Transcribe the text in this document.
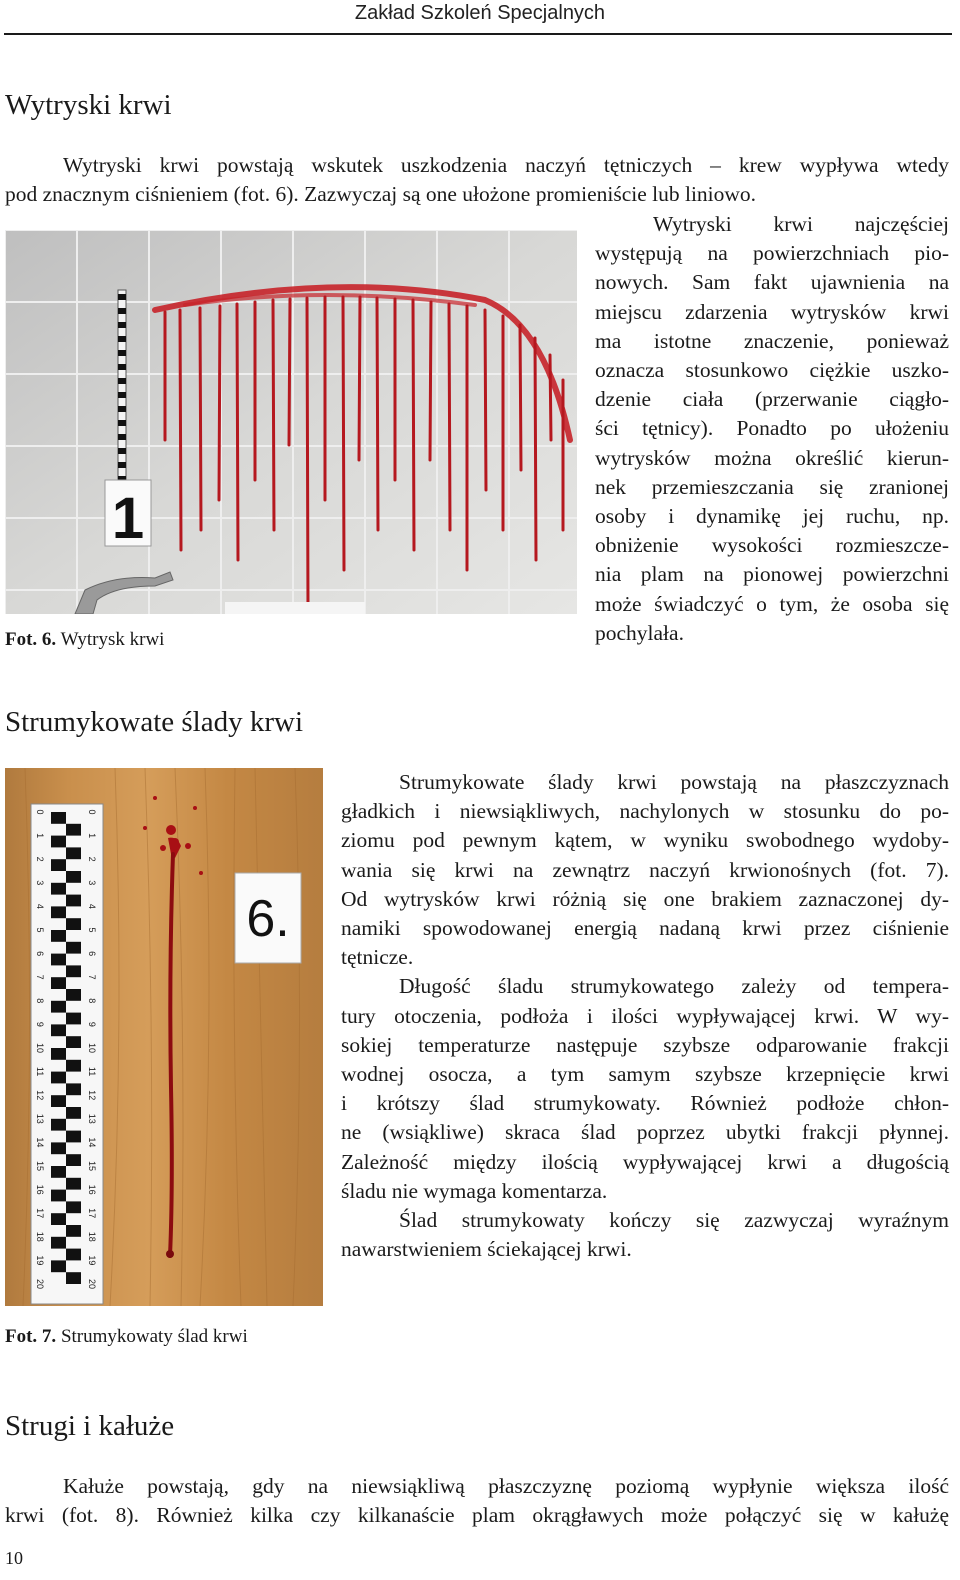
Zakład Szkoleń Specjalnych
Wytryski krwi
Wytryski krwi powstają wskutek uszkodzenia naczyń tętniczych – krew wypływa wtedy
pod znacznym ciśnieniem (fot. 6). Zazwyczaj są one ułożone promieniście lub liniowo.
1
Fot. 6. Wytrysk krwi
Wytryski krwi najczęściej
występują na powierzchniach pio-
nowych. Sam fakt ujawnienia na
miejscu zdarzenia wytrysków krwi
ma istotne znaczenie, ponieważ
oznacza stosunkowo ciężkie uszko-
dzenie ciała (przerwanie ciągło-
ści tętnicy). Ponadto po ułożeniu
wytrysków można określić kierun-
nek przemieszczania się zranionej
osoby i dynamikę jej ruchu, np.
obniżenie wysokości rozmieszcze-
nia plam na pionowej powierzchni
może świadczyć o tym, że osoba się
pochylała.
Strumykowate ślady krwi
0	0
1	1
2	2
3	3
4	4
5	5
6	6
7	7
8	8
9	9
10	10
11	11
12	12
13	13
14	14
15	15
16	16
17	17
18	18
19	19
20	20
6.
Fot. 7. Strumykowaty ślad krwi
Strumykowate ślady krwi powstają na płaszczyznach
gładkich i niewsiąkliwych, nachylonych w stosunku do po-
ziomu pod pewnym kątem, w wyniku swobodnego wydoby-
wania się krwi na zewnątrz naczyń krwionośnych (fot. 7).
Od wytrysków krwi różnią się one brakiem zaznaczonej dy-
namiki spowodowanej energią nadaną krwi przez ciśnienie
tętnicze.
Długość śladu strumykowatego zależy od tempera-
tury otoczenia, podłoża i ilości wypływającej krwi. W wy-
sokiej temperaturze następuje szybsze odparowanie frakcji
wodnej osocza, a tym samym szybsze krzepnięcie krwi
i krótszy ślad strumykowaty. Również podłoże chłon-
ne (wsiąkliwe) skraca ślad poprzez ubytki frakcji płynnej.
Zależność między ilością wypływającej krwi a długością
śladu nie wymaga komentarza.
Ślad strumykowaty kończy się zazwyczaj wyraźnym
nawarstwieniem ściekającej krwi.
Strugi i kałuże
Kałuże powstają, gdy na niewsiąkliwą płaszczyznę poziomą wypłynie większa ilość
krwi (fot. 8). Również kilka czy kilkanaście plam okrągławych może połączyć się w kałużę
10
